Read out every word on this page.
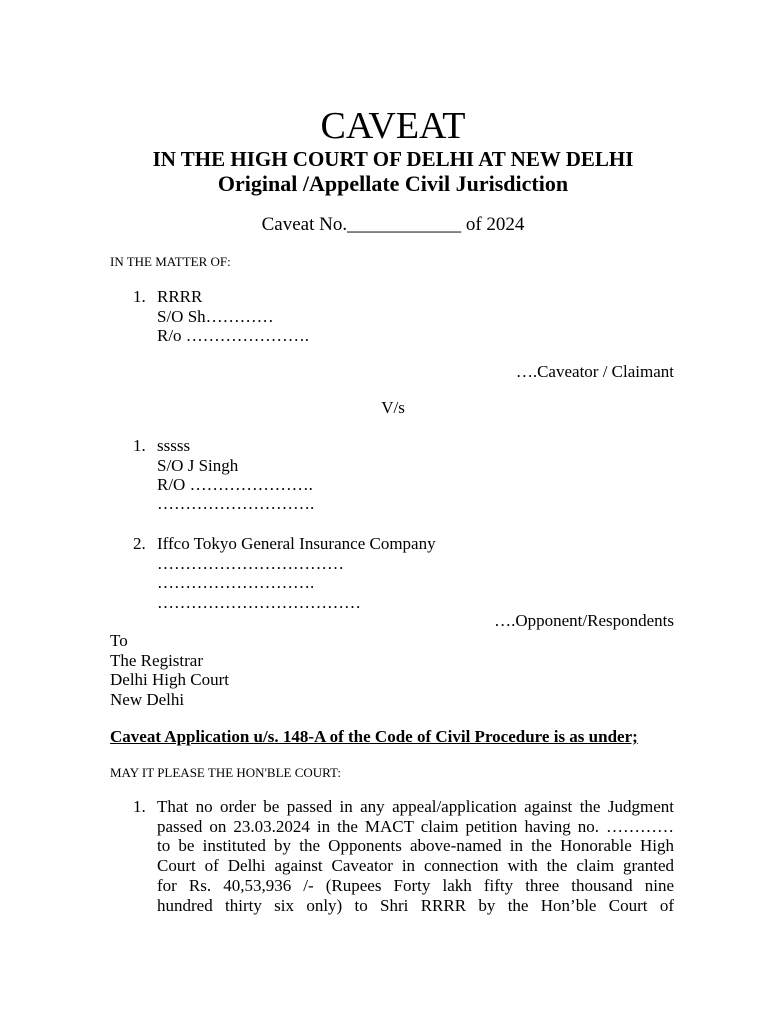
CAVEAT
IN THE HIGH COURT OF DELHI AT NEW DELHI
Original /Appellate Civil Jurisdiction
Caveat No.____________ of 2024
IN THE MATTER OF:
1. RRRR
S/O Sh…………
R/o ………………….
….Caveator / Claimant
V/s
1. sssss
S/O J Singh
R/O ………………….
……………………….
2. Iffco Tokyo General Insurance Company
……………………………
……………………….
………………………………
….Opponent/Respondents
To
The Registrar
Delhi High Court
New Delhi
Caveat Application u/s. 148-A of the Code of Civil Procedure is as under;
MAY IT PLEASE THE HON'BLE COURT:
1. That no order be passed in any appeal/application against the Judgment
passed on 23.03.2024 in the MACT claim petition having no. …………
to be instituted by the Opponents above-named in the Honorable High
Court of Delhi against Caveator in connection with the claim granted
for Rs. 40,53,936 /- (Rupees Forty lakh fifty three thousand nine
hundred thirty six only) to Shri RRRR by the Hon’ble Court of
